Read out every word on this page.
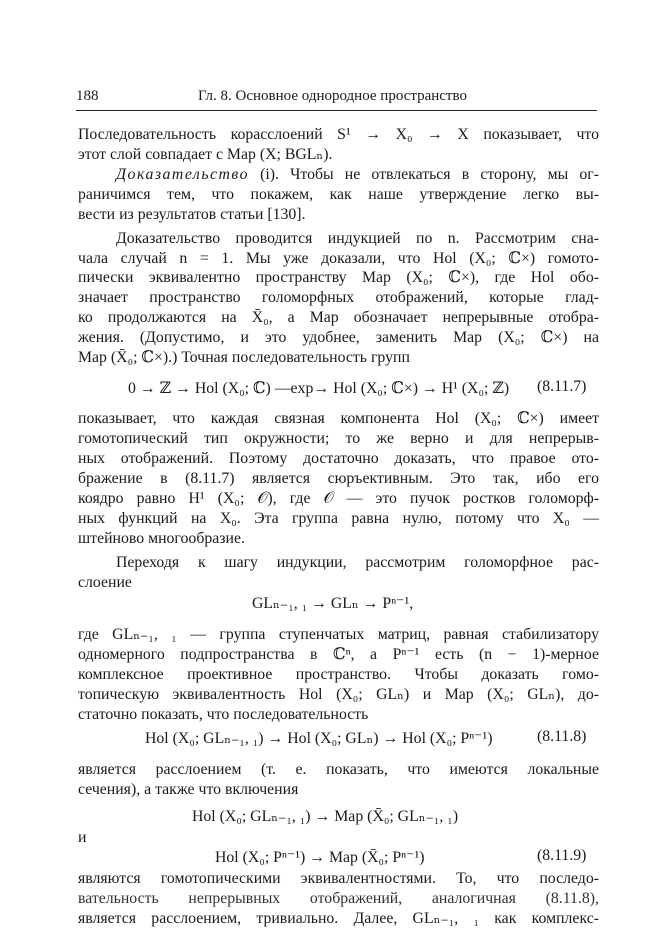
188	Гл. 8. Основное однородное пространство
Последовательность корасслоений S¹ → X₀ → X показывает, что
этот слой совпадает с Map (X; BGLₙ).
Доказательство (i). Чтобы не отвлекаться в сторону, мы ог-
раничимся тем, что покажем, как наше утверждение легко вы-
вести из результатов статьи [130].
Доказательство проводится индукцией по n. Рассмотрим сна-
чала случай n = 1. Мы уже доказали, что Hol (X₀; ℂ×) гомото-
пически эквивалентно пространству Map (X₀; ℂ×), где Hol обо-
значает пространство голоморфных отображений, которые глад-
ко продолжаются на X̄₀, а Map обозначает непрерывные отобра-
жения. (Допустимо, и это удобнее, заменить Map (X₀; ℂ×) на
Map (X̄₀; ℂ×).) Точная последовательность групп
0 → ℤ → Hol (X₀; ℂ) —exp→ Hol (X₀; ℂ×) → H¹ (X₀; ℤ) (8.11.7)
показывает, что каждая связная компонента Hol (X₀; ℂ×) имеет
гомотопический тип окружности; то же верно и для непрерыв-
ных отображений. Поэтому достаточно доказать, что правое ото-
бражение в (8.11.7) является сюръективным. Это так, ибо его
коядро равно H¹ (X₀; 𝒪), где 𝒪 — это пучок ростков голоморф-
ных функций на X₀. Эта группа равна нулю, потому что X₀ —
штейново многообразие.
Переходя к шагу индукции, рассмотрим голоморфное рас-
слоение
GLₙ₋₁, ₁ → GLₙ → Pⁿ⁻¹,
где GLₙ₋₁, ₁ — группа ступенчатых матриц, равная стабилизатору
одномерного подпространства в ℂⁿ, а Pⁿ⁻¹ есть (n − 1)-мерное
комплексное проективное пространство. Чтобы доказать гомо-
топическую эквивалентность Hol (X₀; GLₙ) и Map (X₀; GLₙ), до-
статочно показать, что последовательность
Hol (X₀; GLₙ₋₁, ₁) → Hol (X₀; GLₙ) → Hol (X₀; Pⁿ⁻¹)	(8.11.8)
является расслоением (т. е. показать, что имеются локальные
сечения), а также что включения
Hol (X₀; GLₙ₋₁, ₁) → Map (X̄₀; GLₙ₋₁, ₁)
и
Hol (X₀; Pⁿ⁻¹) → Map (X̄₀; Pⁿ⁻¹)	(8.11.9)
являются гомотопическими эквивалентностями. То, что последо-
вательность непрерывных отображений, аналогичная (8.11.8),
является расслоением, тривиально. Далее, GLₙ₋₁, ₁ как комплекс-
